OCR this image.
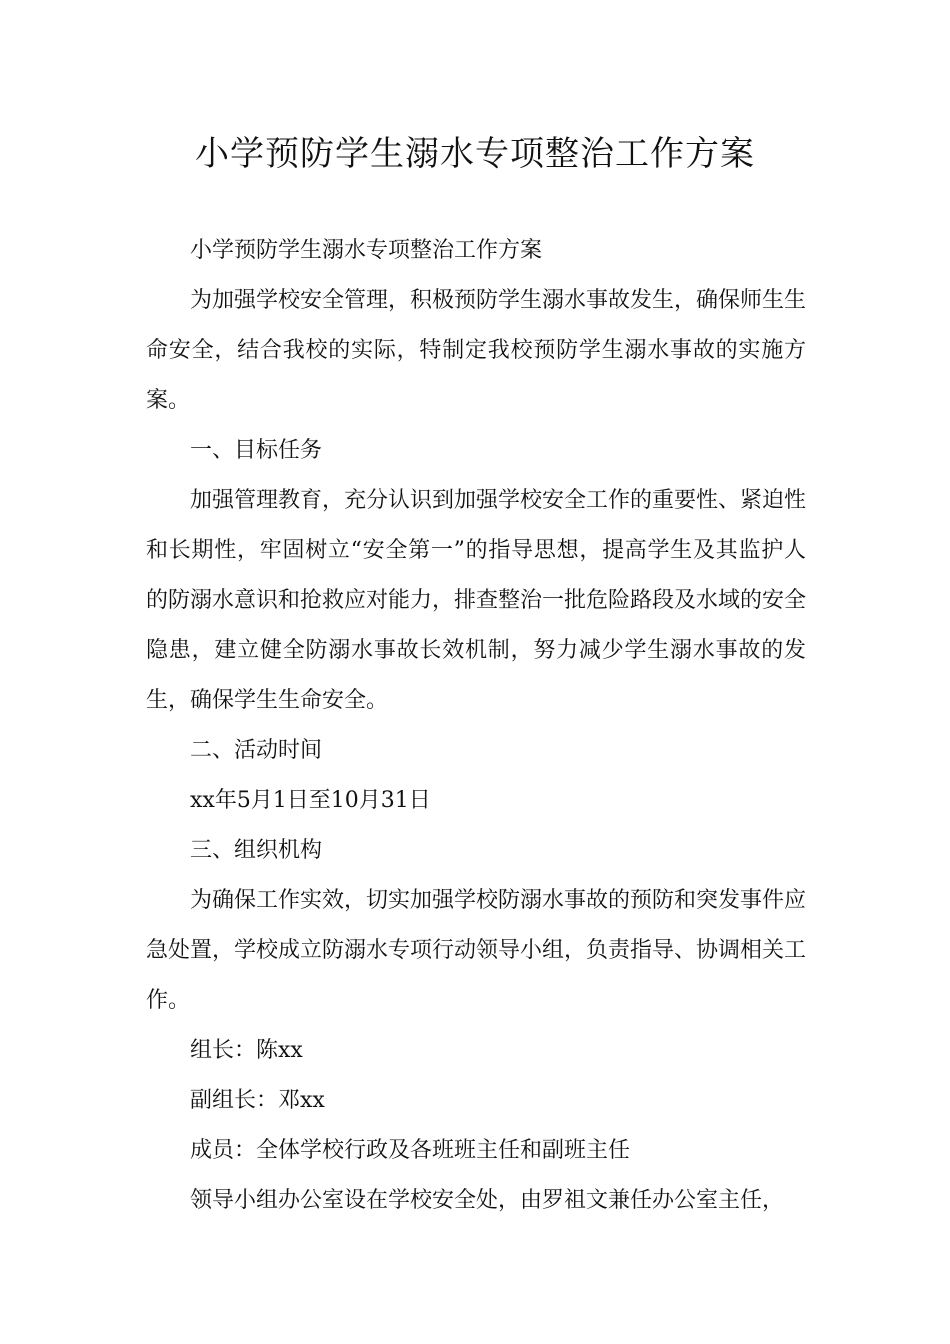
小学预防学生溺水专项整治工作方案

小学预防学生溺水专项整治工作方案

为加强学校安全管理，积极预防学生溺水事故发生，确保师生生命安全，结合我校的实际，特制定我校预防学生溺水事故的实施方案。

一、目标任务

加强管理教育，充分认识到加强学校安全工作的重要性、紧迫性和长期性，牢固树立“安全第一”的指导思想，提高学生及其监护人的防溺水意识和抢救应对能力，排查整治一批危险路段及水域的安全隐患，建立健全防溺水事故长效机制，努力减少学生溺水事故的发生，确保学生生命安全。

二、活动时间

xx年5月1日至10月31日

三、组织机构

为确保工作实效，切实加强学校防溺水事故的预防和突发事件应急处置，学校成立防溺水专项行动领导小组，负责指导、协调相关工作。

组长：陈xx

副组长：邓xx

成员：全体学校行政及各班班主任和副班主任

领导小组办公室设在学校安全处，由罗祖文兼任办公室主任，
